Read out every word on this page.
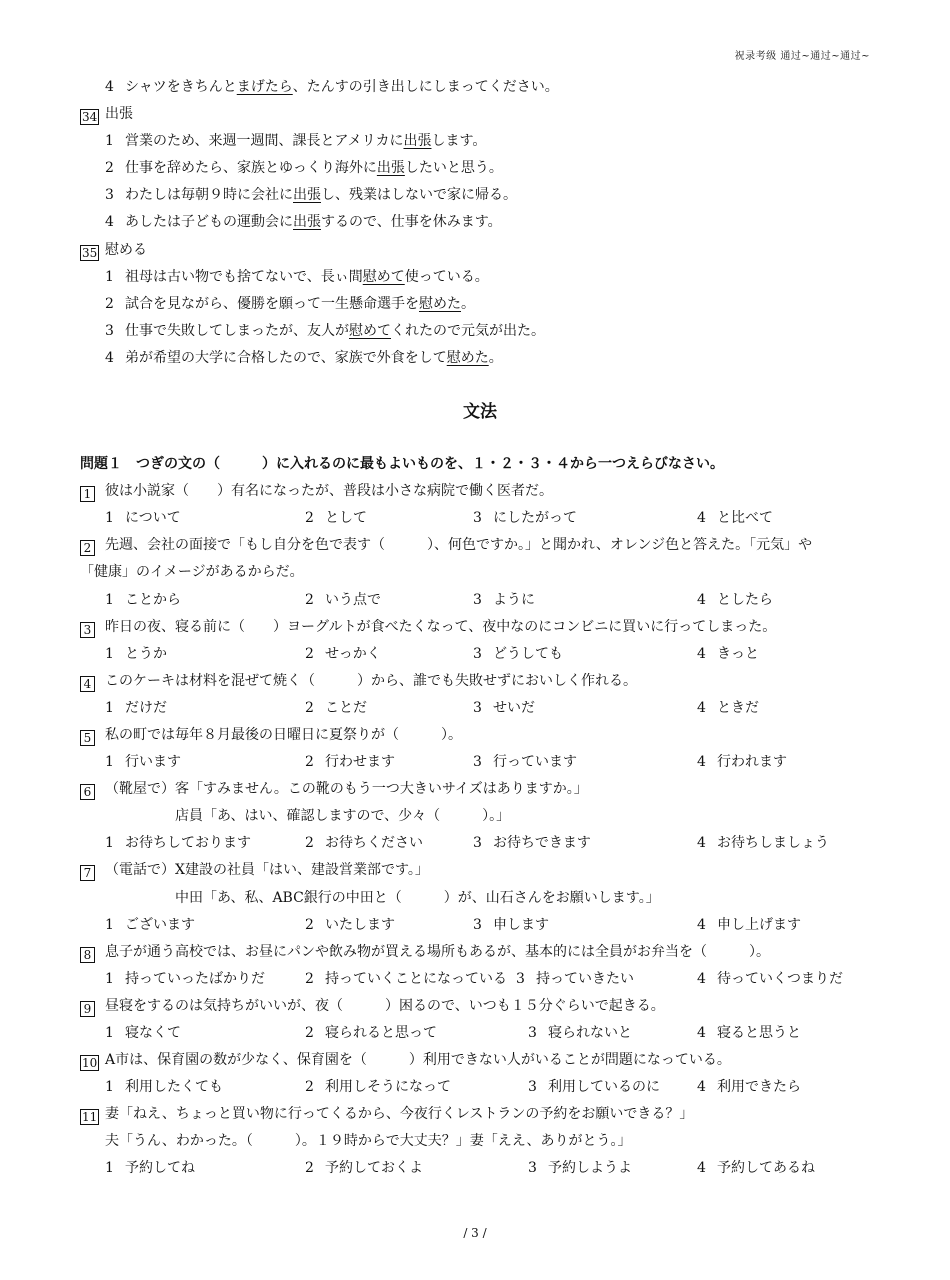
祝录考级 通过~通过~通过~
4 シャツをきちんとまげたら、たんすの引き出しにしまってください。
34 出張
1 営業のため、来週一週間、課長とアメリカに出張します。
2 仕事を辞めたら、家族とゆっくり海外に出張したいと思う。
3 わたしは毎朝９時に会社に出張し、残業はしないで家に帰る。
4 あしたは子どもの運動会に出張するので、仕事を休みます。
35 慰める
1 祖母は古い物でも捨てないで、長ぃ間慰めて使っている。
2 試合を見ながら、優勝を願って一生懸命選手を慰めた。
3 仕事で失敗してしまったが、友人が慰めてくれたので元気が出た。
4 弟が希望の大学に合格したので、家族で外食をして慰めた。
文法
問題１　つぎの文の（　　　）に入れるのに最もよいものを、１・２・３・４から一つえらびなさい。
1 彼は小説家（　　）有名になったが、普段は小さな病院で働く医者だ。
1 について	2 として	3 にしたがって	4 と比べて
2 先週、会社の面接で「もし自分を色で表す（　　　）、何色ですか。」と聞かれ、オレンジ色と答えた。「元気」や
「健康」のイメージがあるからだ。
1 ことから	2 いう点で	3 ように	4 としたら
3 昨日の夜、寝る前に（　　）ヨーグルトが食べたくなって、夜中なのにコンビニに買いに行ってしまった。
1 とうか	2 せっかく	3 どうしても	4 きっと
4 このケーキは材料を混ぜて焼く（　　　）から、誰でも失敗せずにおいしく作れる。
1 だけだ	2 ことだ	3 せいだ	4 ときだ
5 私の町では毎年８月最後の日曜日に夏祭りが（　　　）。
1 行います	2 行わせます	3 行っています	4 行われます
6 （靴屋で）客「すみません。この靴のもう一つ大きいサイズはありますか。」
店員「あ、はい、確認しますので、少々（　　　）。」
1 お待ちしております	2 お待ちください	3 お待ちできます	4 お待ちしましょう
7 （電話で）X建設の社員「はい、建設営業部です。」
中田「あ、私、ABC銀行の中田と（　　　）が、山石さんをお願いします。」
1 ございます	2 いたします	3 申します	4 申し上げます
8 息子が通う高校では、お昼にパンや飲み物が買える場所もあるが、基本的には全員がお弁当を（　　　）。
1 持っていったばかりだ	2 持っていくことになっている 3 持っていきたい	4 待っていくつまりだ
9 昼寝をするのは気持ちがいいが、夜（　　　）困るので、いつも１５分ぐらいで起きる。
1 寝なくて	2 寝られると思って	3 寝られないと	4 寝ると思うと
10 A市は、保育園の数が少なく、保育園を（　　　）利用できない人がいることが問題になっている。
1 利用したくても	2 利用しそうになって	3 利用しているのに	4 利用できたら
11 妻「ねえ、ちょっと買い物に行ってくるから、今夜行くレストランの予約をお願いできる？」
夫「うん、わかった。（　　　）。１９時からで大丈夫？」妻「ええ、ありがとう。」
1 予約してね	2 予約しておくよ	3 予約しようよ	4 予約してあるね
/ 3 /
